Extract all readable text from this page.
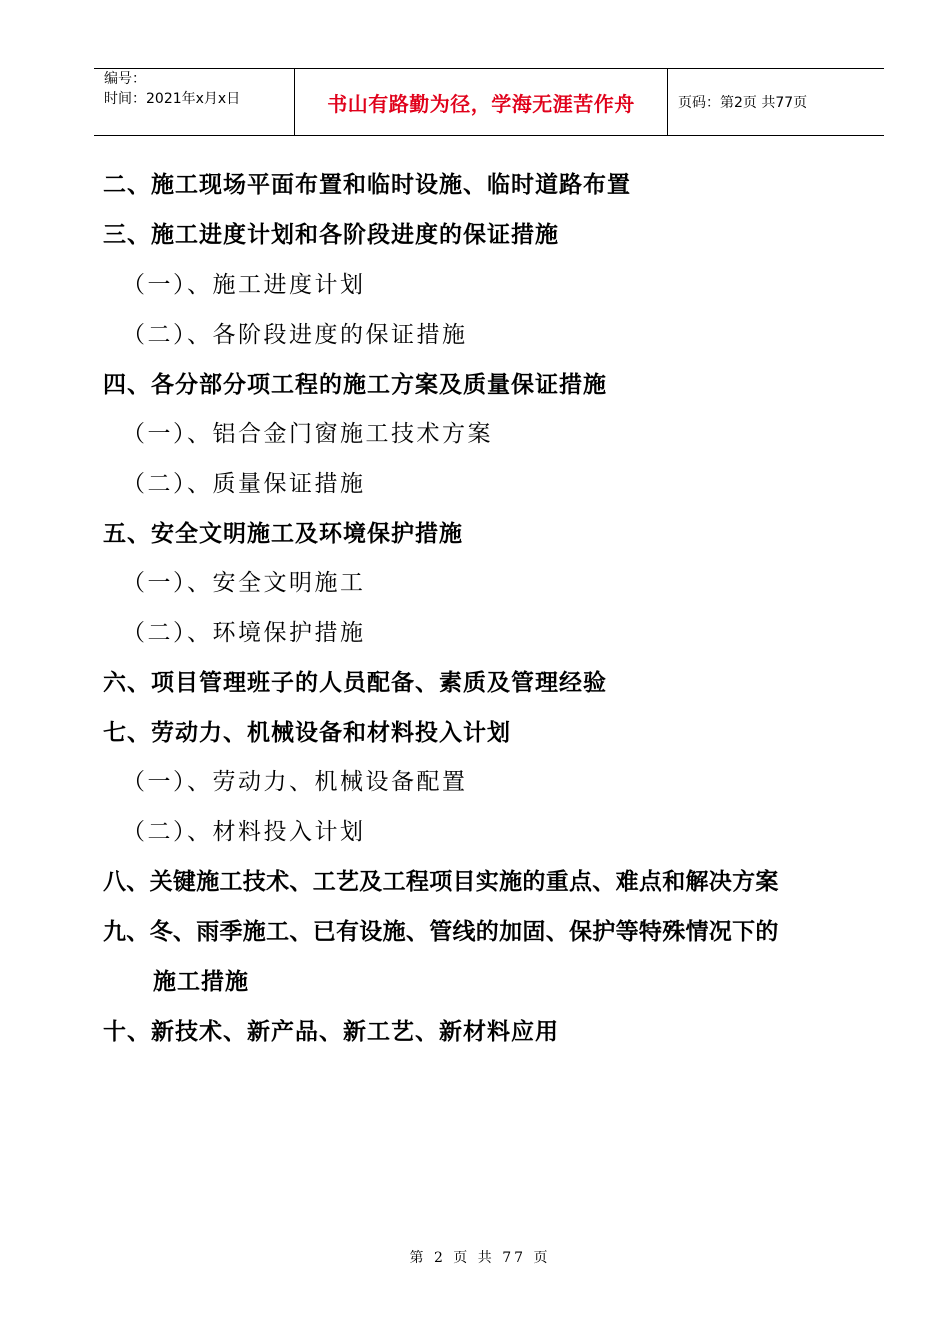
编号：
时间：2021年x月x日	书山有路勤为径，学海无涯苦作舟	页码：第2页 共77页
二、施工现场平面布置和临时设施、临时道路布置
三、施工进度计划和各阶段进度的保证措施
（一）、施工进度计划
（二）、各阶段进度的保证措施
四、各分部分项工程的施工方案及质量保证措施
（一）、铝合金门窗施工技术方案
（二）、质量保证措施
五、安全文明施工及环境保护措施
（一）、安全文明施工
（二）、环境保护措施
六、项目管理班子的人员配备、素质及管理经验
七、劳动力、机械设备和材料投入计划
（一）、劳动力、机械设备配置
（二）、材料投入计划
八、关键施工技术、工艺及工程项目实施的重点、难点和解决方案
九、冬、雨季施工、已有设施、管线的加固、保护等特殊情况下的
施工措施
十、新技术、新产品、新工艺、新材料应用
第 2 页 共 77 页
